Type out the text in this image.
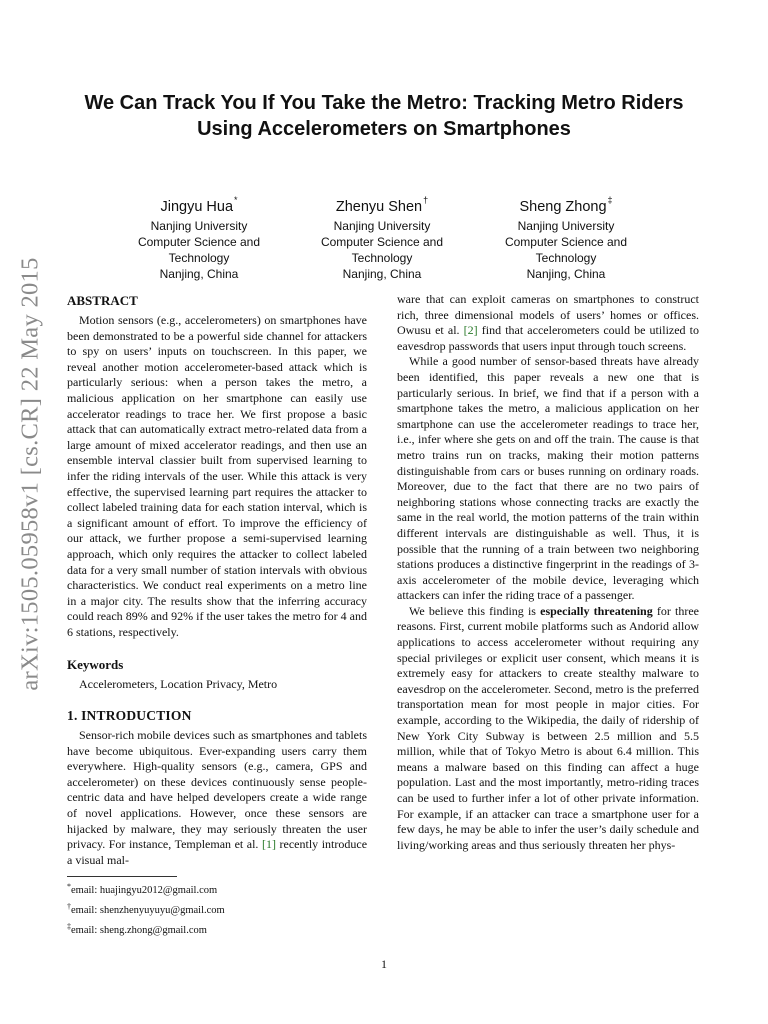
arXiv:1505.05958v1 [cs.CR] 22 May 2015
We Can Track You If You Take the Metro: Tracking Metro Riders Using Accelerometers on Smartphones
Jingyu Hua*
Nanjing University
Computer Science and
Technology
Nanjing, China
Zhenyu Shen†
Nanjing University
Computer Science and
Technology
Nanjing, China
Sheng Zhong‡
Nanjing University
Computer Science and
Technology
Nanjing, China
ABSTRACT

Motion sensors (e.g., accelerometers) on smartphones have been demonstrated to be a powerful side channel for attackers to spy on users’ inputs on touchscreen. In this paper, we reveal another motion accelerometer-based attack which is particularly serious: when a person takes the metro, a malicious application on her smartphone can easily use accelerator readings to trace her. We first propose a basic attack that can automatically extract metro-related data from a large amount of mixed accelerator readings, and then use an ensemble interval classier built from supervised learning to infer the riding intervals of the user. While this attack is very effective, the supervised learning part requires the attacker to collect labeled training data for each station interval, which is a significant amount of effort. To improve the efficiency of our attack, we further propose a semi-supervised learning approach, which only requires the attacker to collect labeled data for a very small number of station intervals with obvious characteristics. We conduct real experiments on a metro line in a major city. The results show that the inferring accuracy could reach 89% and 92% if the user takes the metro for 4 and 6 stations, respectively.

Keywords

Accelerometers, Location Privacy, Metro

1. INTRODUCTION

Sensor-rich mobile devices such as smartphones and tablets have become ubiquitous. Ever-expanding users carry them everywhere. High-quality sensors (e.g., camera, GPS and accelerometer) on these devices continuously sense people-centric data and have helped developers create a wide range of novel applications. However, once these sensors are hijacked by malware, they may seriously threaten the user privacy. For instance, Templeman et al. [1] recently introduce a visual mal-

*email: huajingyu2012@gmail.com
†email: shenzhenyuyuyu@gmail.com
‡email: sheng.zhong@gmail.com

ware that can exploit cameras on smartphones to construct rich, three dimensional models of users’ homes or offices. Owusu et al. [2] find that accelerometers could be utilized to eavesdrop passwords that users input through touch screens.

While a good number of sensor-based threats have already been identified, this paper reveals a new one that is particularly serious. In brief, we find that if a person with a smartphone takes the metro, a malicious application on her smartphone can use the accelerometer readings to trace her, i.e., infer where she gets on and off the train. The cause is that metro trains run on tracks, making their motion patterns distinguishable from cars or buses running on ordinary roads. Moreover, due to the fact that there are no two pairs of neighboring stations whose connecting tracks are exactly the same in the real world, the motion patterns of the train within different intervals are distinguishable as well. Thus, it is possible that the running of a train between two neighboring stations produces a distinctive fingerprint in the readings of 3-axis accelerometer of the mobile device, leveraging which attackers can infer the riding trace of a passenger.

We believe this finding is especially threatening for three reasons. First, current mobile platforms such as Andorid allow applications to access accelerometer without requiring any special privileges or explicit user consent, which means it is extremely easy for attackers to create stealthy malware to eavesdrop on the accelerometer. Second, metro is the preferred transportation mean for most people in major cities. For example, according to the Wikipedia, the daily of ridership of New York City Subway is between 2.5 million and 5.5 million, while that of Tokyo Metro is about 6.4 million. This means a malware based on this finding can affect a huge population. Last and the most importantly, metro-riding traces can be used to further infer a lot of other private information. For example, if an attacker can trace a smartphone user for a few days, he may be able to infer the user’s daily schedule and living/working areas and thus seriously threaten her phys-

1
